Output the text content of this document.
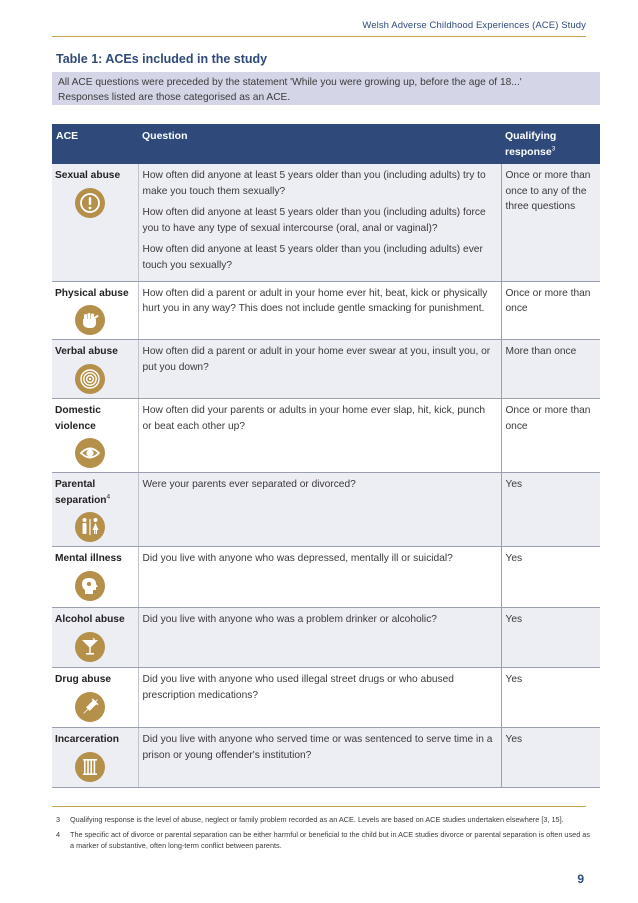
Welsh Adverse Childhood Experiences (ACE) Study
Table 1: ACEs included in the study
All ACE questions were preceded by the statement 'While you were growing up, before the age of 18...'
Responses listed are those categorised as an ACE.
ACE	Question	Qualifying response$^3$

Sexual abuse	How often did anyone at least 5 years older than you (including adults) try to make you touch them sexually?

How often did anyone at least 5 years older than you (including adults) force you to have any type of sexual intercourse (oral, anal or vaginal)?

How often did anyone at least 5 years older than you (including adults) ever touch you sexually?	Once or more than once to any of the three questions

Physical abuse	How often did a parent or adult in your home ever hit, beat, kick or physically hurt you in any way? This does not include gentle smacking for punishment.	Once or more than once

Verbal abuse	How often did a parent or adult in your home ever swear at you, insult you, or put you down?	More than once

Domestic violence	How often did your parents or adults in your home ever slap, hit, kick, punch or beat each other up?	Once or more than once

Parental separation$^4$	Were your parents ever separated or divorced?	Yes

Mental illness	Did you live with anyone who was depressed, mentally ill or suicidal?	Yes

Alcohol abuse	Did you live with anyone who was a problem drinker or alcoholic?	Yes

Drug abuse	Did you live with anyone who used illegal street drugs or who abused prescription medications?	Yes

Incarceration	Did you live with anyone who served time or was sentenced to serve time in a prison or young offender's institution?	Yes
3 Qualifying response is the level of abuse, neglect or family problem recorded as an ACE. Levels are based on ACE studies undertaken elsewhere [3, 15].
4 The specific act of divorce or parental separation can be either harmful or beneficial to the child but in ACE studies divorce or parental separation is often used as a marker of substantive, often long-term conflict between parents.
9
